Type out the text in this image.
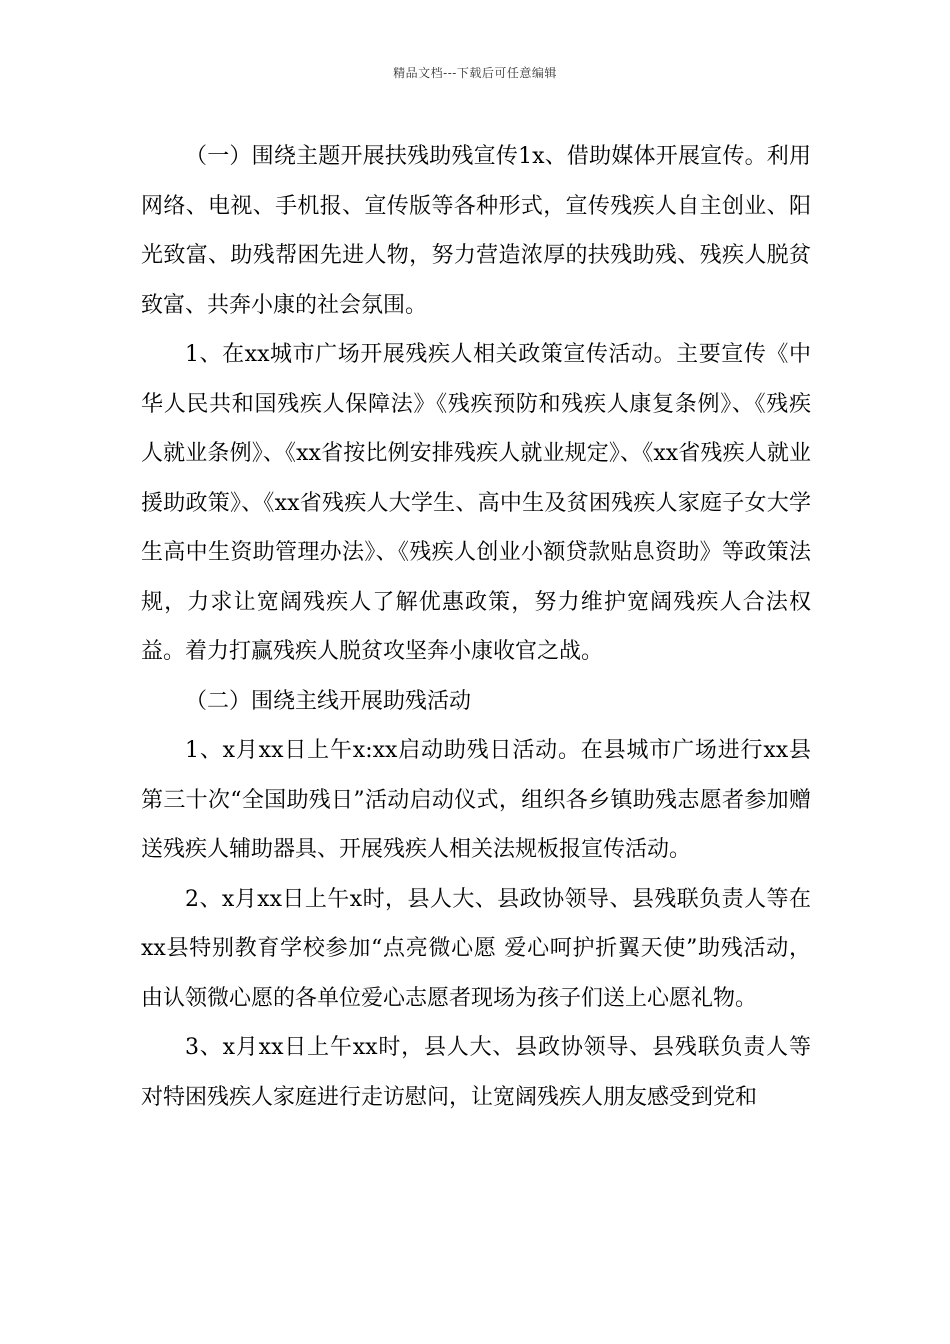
精品文档---下载后可任意编辑

（一）围绕主题开展扶残助残宣传1x、借助媒体开展宣传。利用网络、电视、手机报、宣传版等各种形式，宣传残疾人自主创业、阳光致富、助残帮困先进人物，努力营造浓厚的扶残助残、残疾人脱贫致富、共奔小康的社会氛围。

1、在xx城市广场开展残疾人相关政策宣传活动。主要宣传《中华人民共和国残疾人保障法》《残疾预防和残疾人康复条例》、《残疾人就业条例》、《xx省按比例安排残疾人就业规定》、《xx省残疾人就业援助政策》、《xx省残疾人大学生、高中生及贫困残疾人家庭子女大学生高中生资助管理办法》、《残疾人创业小额贷款贴息资助》等政策法规，力求让宽阔残疾人了解优惠政策，努力维护宽阔残疾人合法权益。着力打赢残疾人脱贫攻坚奔小康收官之战。

（二）围绕主线开展助残活动

1、x月xx日上午x:xx启动助残日活动。在县城市广场进行xx县第三十次“全国助残日”活动启动仪式，组织各乡镇助残志愿者参加赠送残疾人辅助器具、开展残疾人相关法规板报宣传活动。

2、x月xx日上午x时，县人大、县政协领导、县残联负责人等在xx县特别教育学校参加“点亮微心愿 爱心呵护折翼天使”助残活动，由认领微心愿的各单位爱心志愿者现场为孩子们送上心愿礼物。

3、x月xx日上午xx时，县人大、县政协领导、县残联负责人等对特困残疾人家庭进行走访慰问，让宽阔残疾人朋友感受到党和
